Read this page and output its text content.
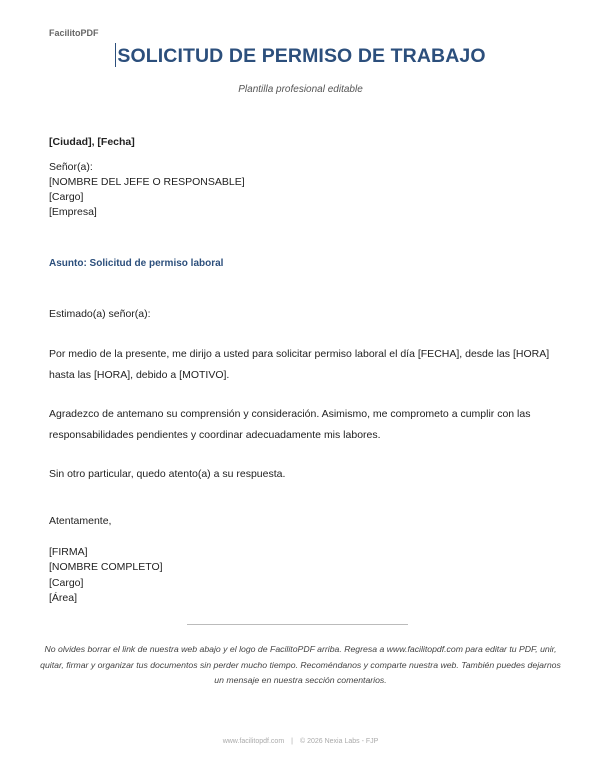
FacilitoPDF
SOLICITUD DE PERMISO DE TRABAJO
Plantilla profesional editable
[Ciudad], [Fecha]
Señor(a):
[NOMBRE DEL JEFE O RESPONSABLE]
[Cargo]
[Empresa]
Asunto: Solicitud de permiso laboral
Estimado(a) señor(a):
Por medio de la presente, me dirijo a usted para solicitar permiso laboral el día [FECHA], desde las [HORA] hasta las [HORA], debido a [MOTIVO].
Agradezco de antemano su comprensión y consideración. Asimismo, me comprometo a cumplir con las responsabilidades pendientes y coordinar adecuadamente mis labores.
Sin otro particular, quedo atento(a) a su respuesta.
Atentamente,
[FIRMA]
[NOMBRE COMPLETO]
[Cargo]
[Área]
No olvides borrar el link de nuestra web abajo y el logo de FacilitoPDF arriba. Regresa a www.facilitopdf.com para editar tu PDF, unir, quitar, firmar y organizar tus documentos sin perder mucho tiempo. Recoméndanos y comparte nuestra web. También puedes dejarnos un mensaje en nuestra sección comentarios.
www.facilitopdf.com | © 2026 Nexia Labs - FJP
